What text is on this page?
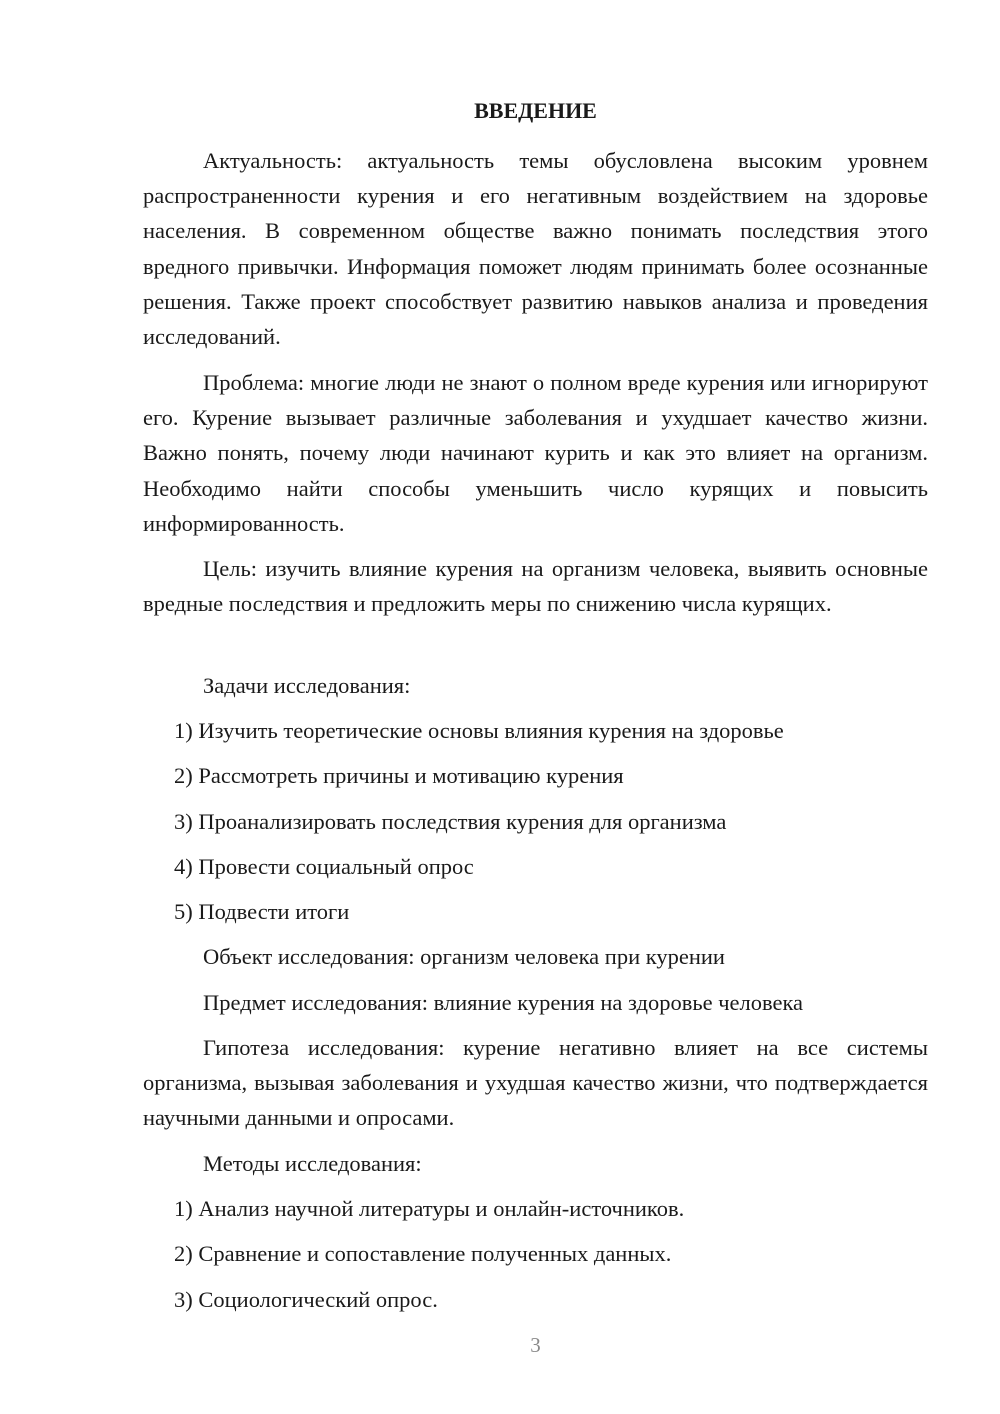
ВВЕДЕНИЕ

Актуальность: актуальность темы обусловлена высоким уровнем распространенности курения и его негативным воздействием на здоровье населения. В современном обществе важно понимать последствия этого вредного привычки. Информация поможет людям принимать более осознанные решения. Также проект способствует развитию навыков анализа и проведения исследований.

Проблема: многие люди не знают о полном вреде курения или игнорируют его. Курение вызывает различные заболевания и ухудшает качество жизни. Важно понять, почему люди начинают курить и как это влияет на организм. Необходимо найти способы уменьшить число курящих и повысить информированность.

Цель: изучить влияние курения на организм человека, выявить основные вредные последствия и предложить меры по снижению числа курящих.

Задачи исследования:
1) Изучить теоретические основы влияния курения на здоровье
2) Рассмотреть причины и мотивацию курения
3) Проанализировать последствия курения для организма
4) Провести социальный опрос
5) Подвести итоги
Объект исследования: организм человека при курении
Предмет исследования: влияние курения на здоровье человека

Гипотеза исследования: курение негативно влияет на все системы организма, вызывая заболевания и ухудшая качество жизни, что подтверждается научными данными и опросами.

Методы исследования:
1) Анализ научной литературы и онлайн-источников.
2) Сравнение и сопоставление полученных данных.
3) Социологический опрос.
3
